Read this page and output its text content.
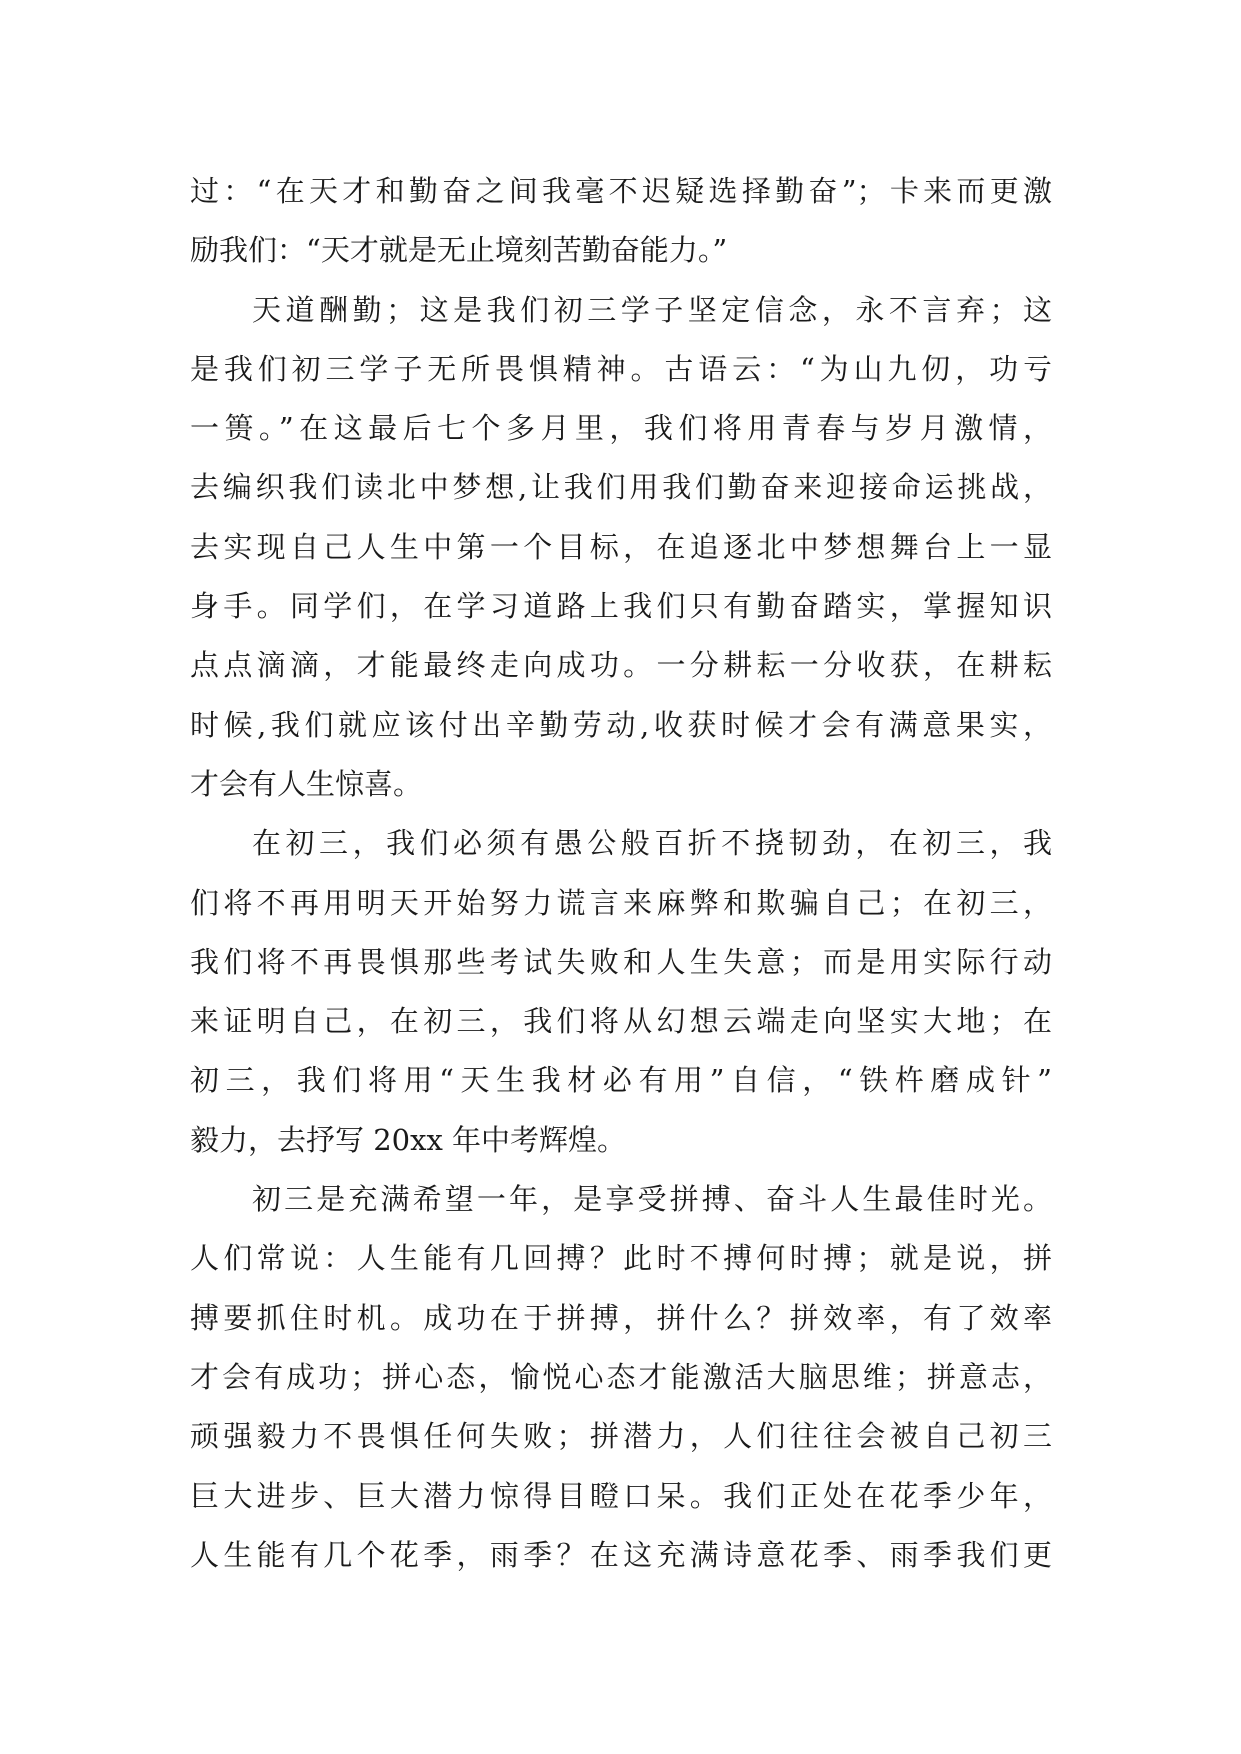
过：“在天才和勤奋之间我毫不迟疑选择勤奋”；卡来而更激
励我们：“天才就是无止境刻苦勤奋能力。”
天道酬勤；这是我们初三学子坚定信念，永不言弃；这
是我们初三学子无所畏惧精神。古语云：“为山九仞，功亏
一篑。”在这最后七个多月里，我们将用青春与岁月激情，
去编织我们读北中梦想,让我们用我们勤奋来迎接命运挑战，
去实现自己人生中第一个目标，在追逐北中梦想舞台上一显
身手。同学们，在学习道路上我们只有勤奋踏实，掌握知识
点点滴滴，才能最终走向成功。一分耕耘一分收获，在耕耘
时候,我们就应该付出辛勤劳动,收获时候才会有满意果实，
才会有人生惊喜。
在初三，我们必须有愚公般百折不挠韧劲，在初三，我
们将不再用明天开始努力谎言来麻弊和欺骗自己；在初三，
我们将不再畏惧那些考试失败和人生失意；而是用实际行动
来证明自己，在初三，我们将从幻想云端走向坚实大地；在
初三，我们将用“天生我材必有用”自信，“铁杵磨成针”
毅力，去抒写 20xx 年中考辉煌。
初三是充满希望一年，是享受拼搏、奋斗人生最佳时光。
人们常说：人生能有几回搏？此时不搏何时搏；就是说，拼
搏要抓住时机。成功在于拼搏，拼什么？拼效率，有了效率
才会有成功；拼心态，愉悦心态才能激活大脑思维；拼意志，
顽强毅力不畏惧任何失败；拼潜力，人们往往会被自己初三
巨大进步、巨大潜力惊得目瞪口呆。我们正处在花季少年，
人生能有几个花季，雨季？在这充满诗意花季、雨季我们更
